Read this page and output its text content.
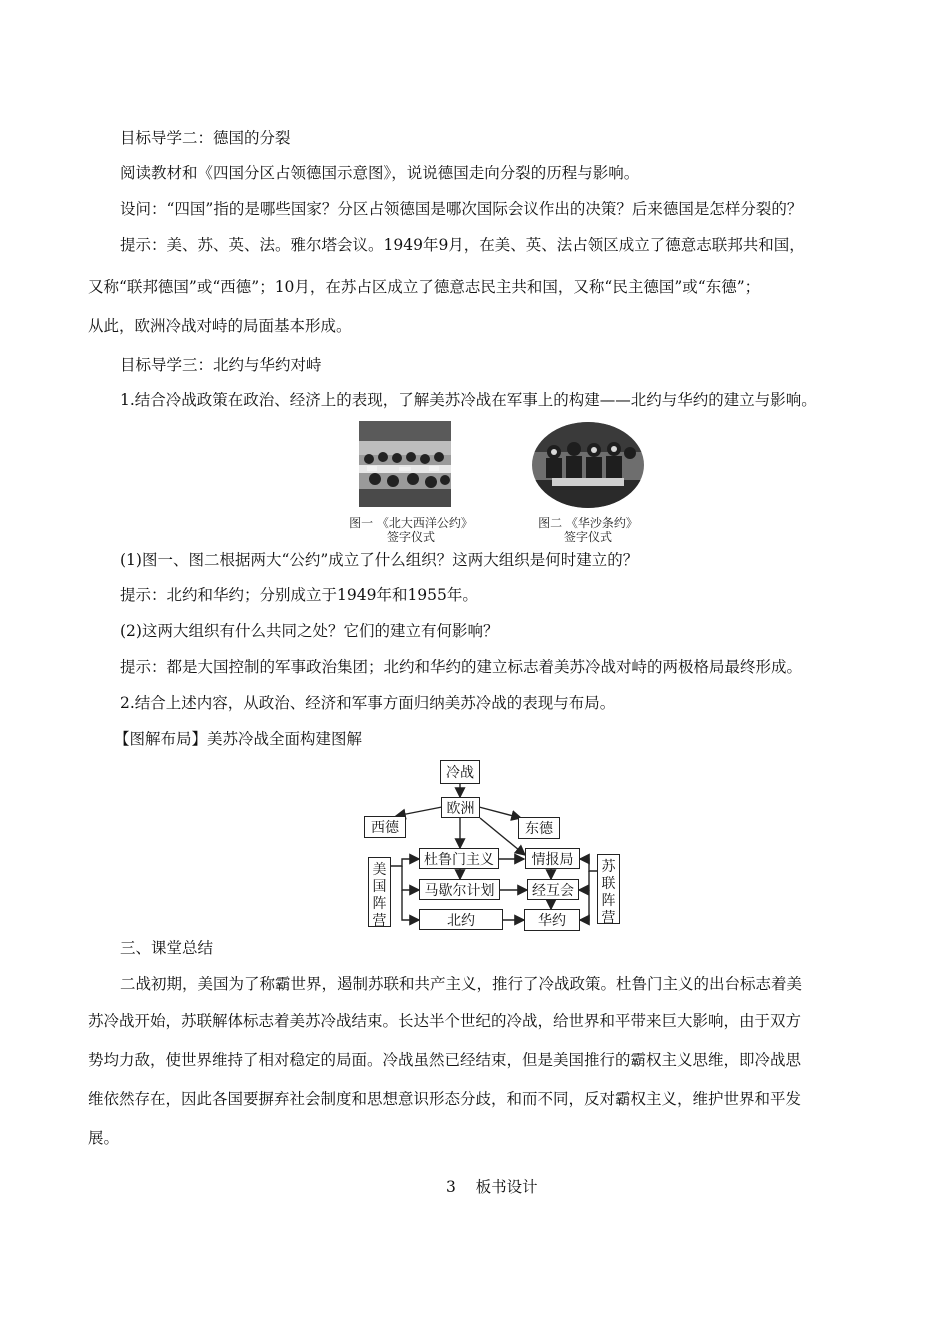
目标导学二：德国的分裂
阅读教材和《四国分区占领德国示意图》，说说德国走向分裂的历程与影响。
设问：“四国”指的是哪些国家？分区占领德国是哪次国际会议作出的决策？后来德国是怎样分裂的？
提示：美、苏、英、法。雅尔塔会议。1949年9月，在美、英、法占领区成立了德意志联邦共和国，
又称“联邦德国”或“西德”；10月，在苏占区成立了德意志民主共和国，又称“民主德国”或“东德”；
从此，欧洲冷战对峙的局面基本形成。
目标导学三：北约与华约对峙
1.结合冷战政策在政治、经济上的表现，了解美苏冷战在军事上的构建——北约与华约的建立与影响。
图一 《北大西洋公约》
签字仪式
图二 《华沙条约》
签字仪式
(1)图一、图二根据两大“公约”成立了什么组织？这两大组织是何时建立的？
提示：北约和华约；分别成立于1949年和1955年。
(2)这两大组织有什么共同之处？它们的建立有何影响？
提示：都是大国控制的军事政治集团；北约和华约的建立标志着美苏冷战对峙的两极格局最终形成。
2.结合上述内容，从政治、经济和军事方面归纳美苏冷战的表现与布局。
【图解布局】美苏冷战全面构建图解
冷战
欧洲
西德	东德
杜鲁门主义	情报局
马歇尔计划	经互会
北约	华约
美
国
阵
营
苏
联
阵
营
三、课堂总结
二战初期，美国为了称霸世界，遏制苏联和共产主义，推行了冷战政策。杜鲁门主义的出台标志着美
苏冷战开始，苏联解体标志着美苏冷战结束。长达半个世纪的冷战，给世界和平带来巨大影响，由于双方
势均力敌，使世界维持了相对稳定的局面。冷战虽然已经结束，但是美国推行的霸权主义思维，即冷战思
维依然存在，因此各国要摒弃社会制度和思想意识形态分歧，和而不同，反对霸权主义，维护世界和平发
展。
3 板书设计
